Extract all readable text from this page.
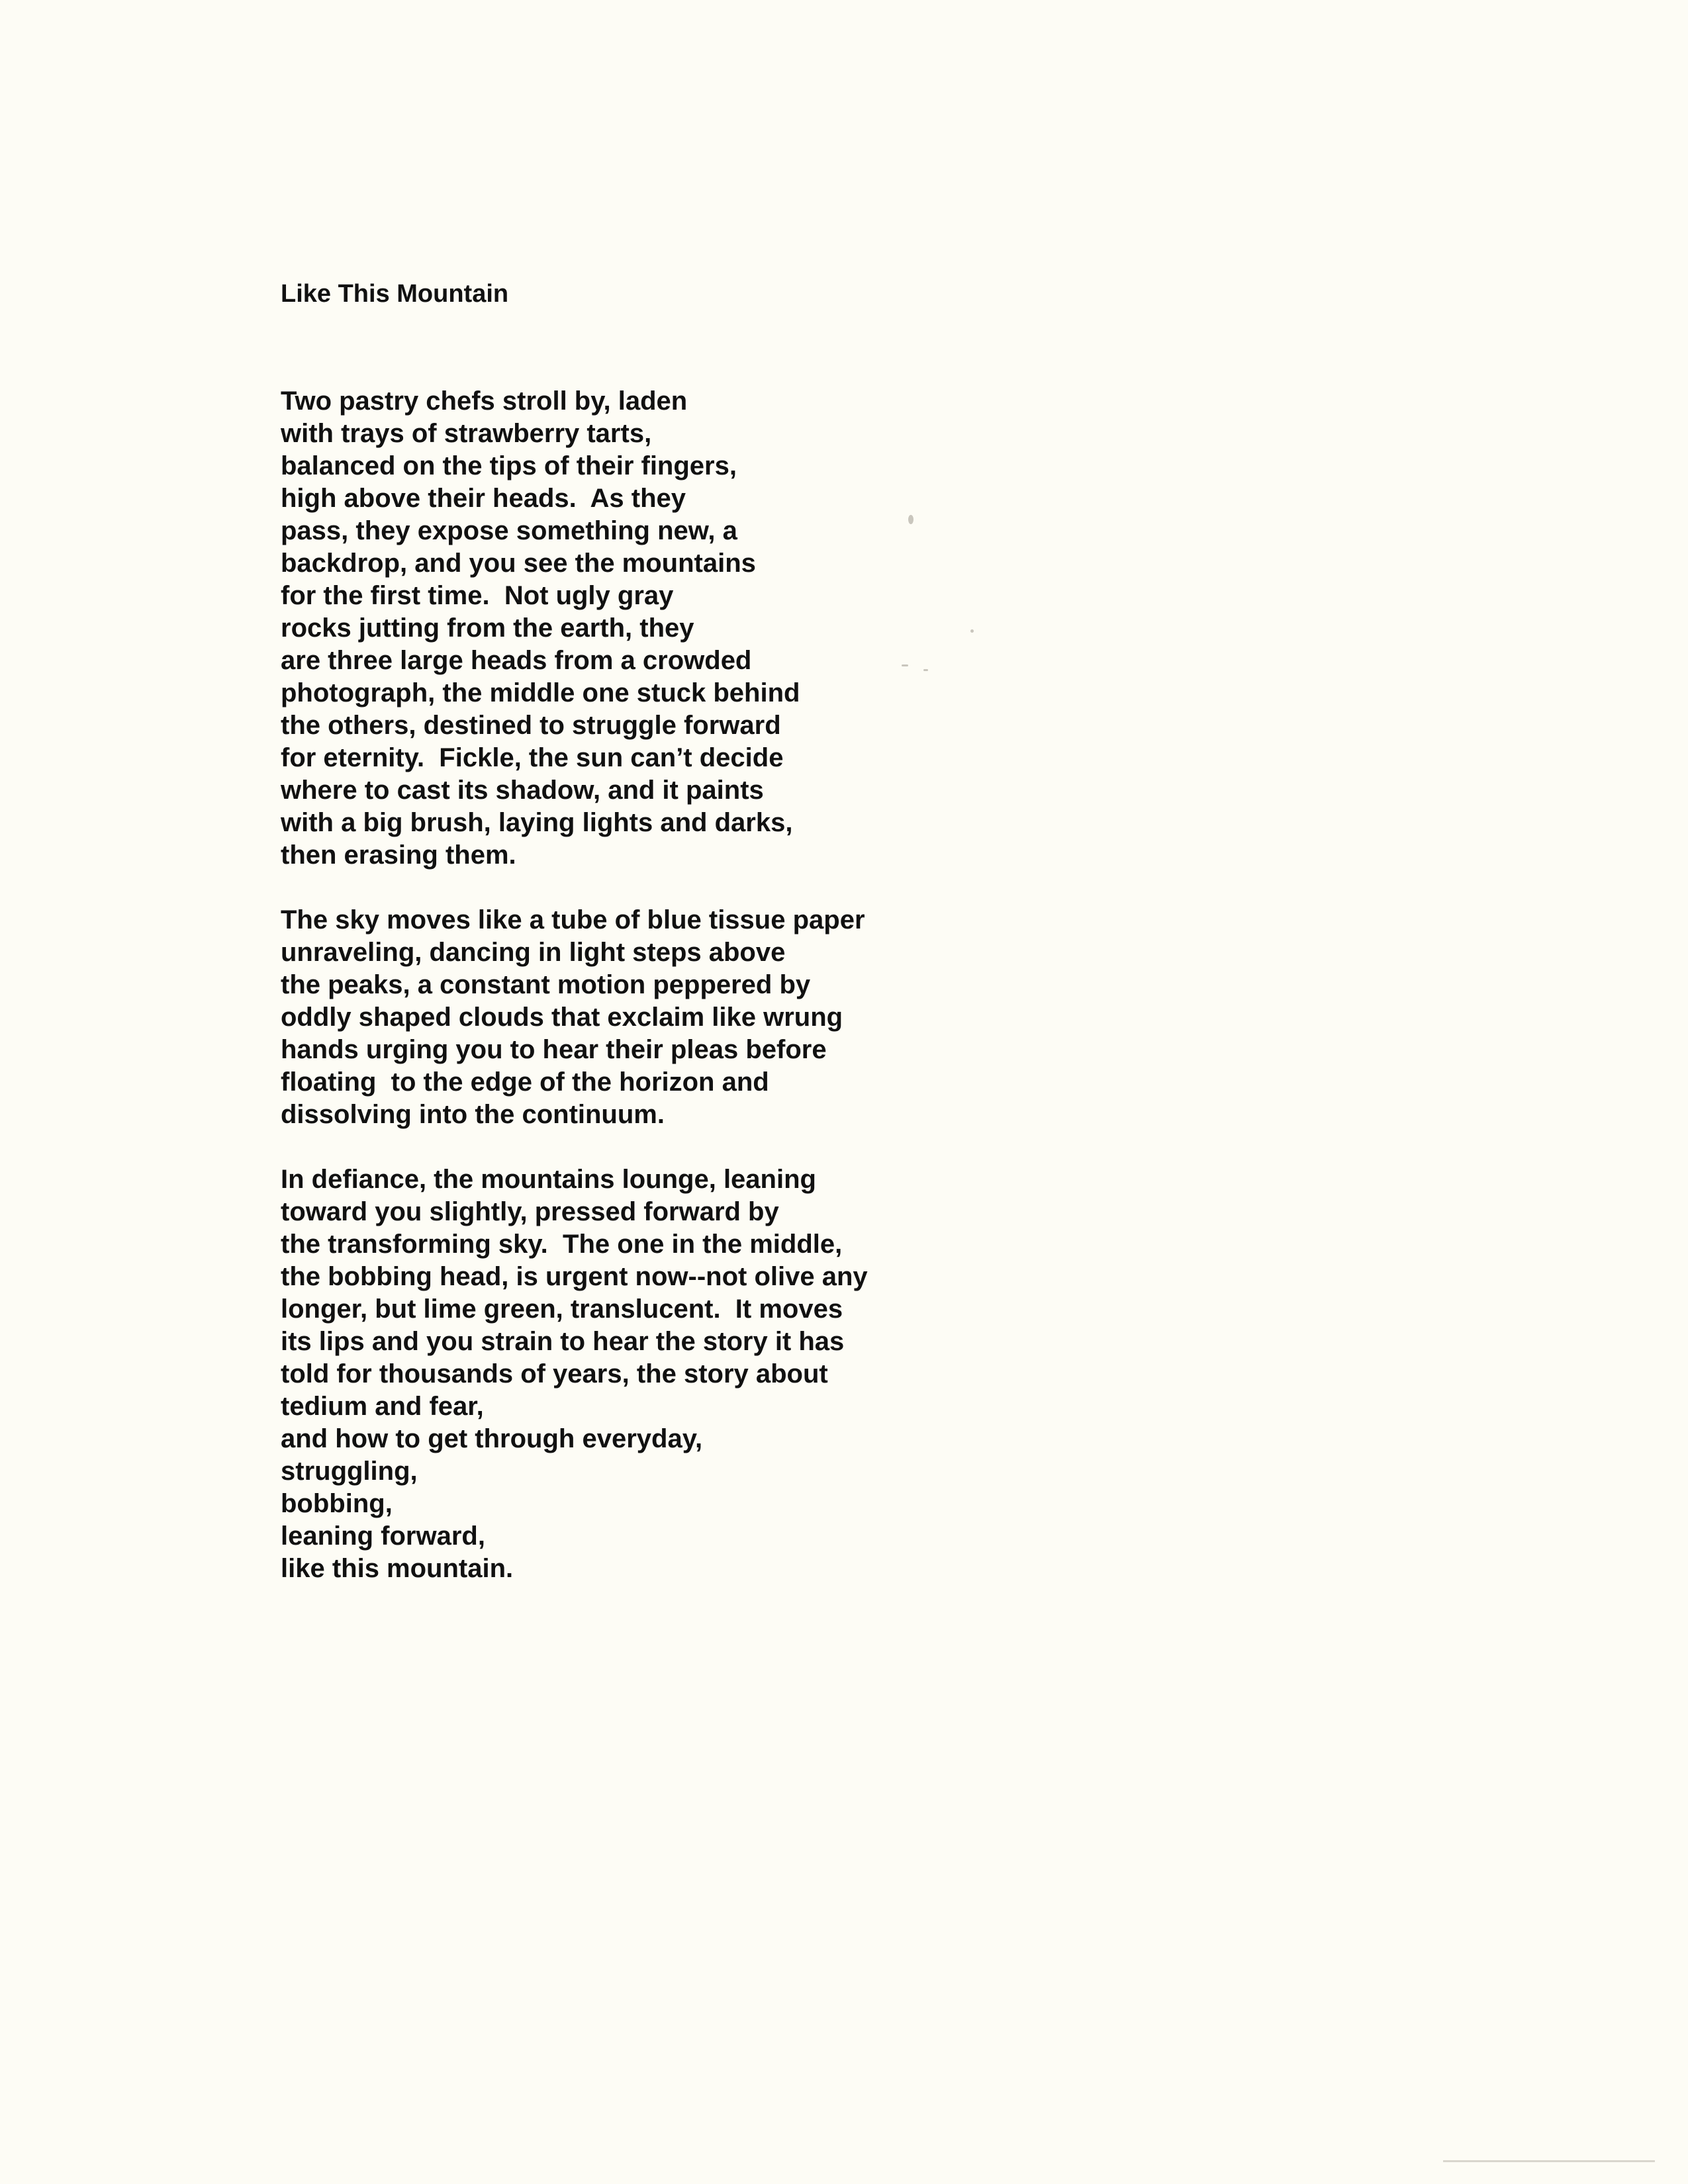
Like This Mountain

Two pastry chefs stroll by, laden
with trays of strawberry tarts,
balanced on the tips of their fingers,
high above their heads.  As they
pass, they expose something new, a
backdrop, and you see the mountains
for the first time.  Not ugly gray
rocks jutting from the earth, they
are three large heads from a crowded
photograph, the middle one stuck behind
the others, destined to struggle forward
for eternity.  Fickle, the sun can’t decide
where to cast its shadow, and it paints
with a big brush, laying lights and darks,
then erasing them.

The sky moves like a tube of blue tissue paper
unraveling, dancing in light steps above
the peaks, a constant motion peppered by
oddly shaped clouds that exclaim like wrung
hands urging you to hear their pleas before
floating  to the edge of the horizon and
dissolving into the continuum.

In defiance, the mountains lounge, leaning
toward you slightly, pressed forward by
the transforming sky.  The one in the middle,
the bobbing head, is urgent now--not olive any
longer, but lime green, translucent.  It moves
its lips and you strain to hear the story it has
told for thousands of years, the story about
tedium and fear,
and how to get through everyday,
struggling,
bobbing,
leaning forward,
like this mountain.
